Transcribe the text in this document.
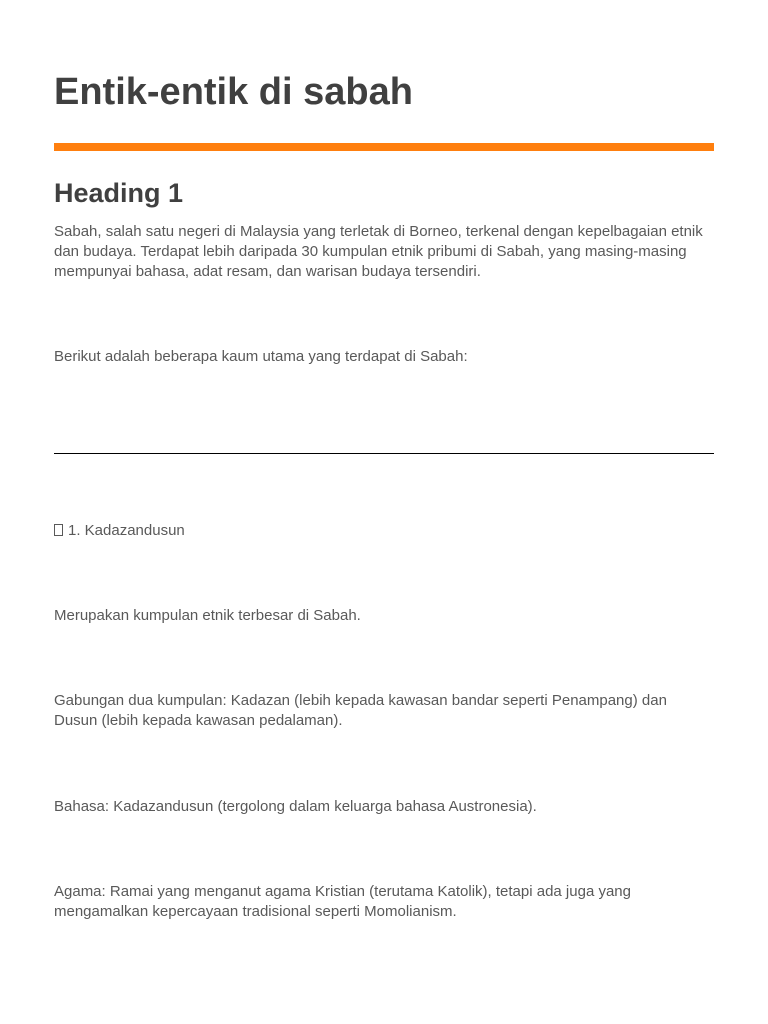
Entik-entik di sabah
Heading 1

Sabah, salah satu negeri di Malaysia yang terletak di Borneo, terkenal dengan kepelbagaian etnik dan budaya. Terdapat lebih daripada 30 kumpulan etnik pribumi di Sabah, yang masing-masing mempunyai bahasa, adat resam, dan warisan budaya tersendiri.

Berikut adalah beberapa kaum utama yang terdapat di Sabah:

1. Kadazandusun

Merupakan kumpulan etnik terbesar di Sabah.

Gabungan dua kumpulan: Kadazan (lebih kepada kawasan bandar seperti Penampang) dan Dusun (lebih kepada kawasan pedalaman).

Bahasa: Kadazandusun (tergolong dalam keluarga bahasa Austronesia).

Agama: Ramai yang menganut agama Kristian (terutama Katolik), tetapi ada juga yang mengamalkan kepercayaan tradisional seperti Momolianism.
